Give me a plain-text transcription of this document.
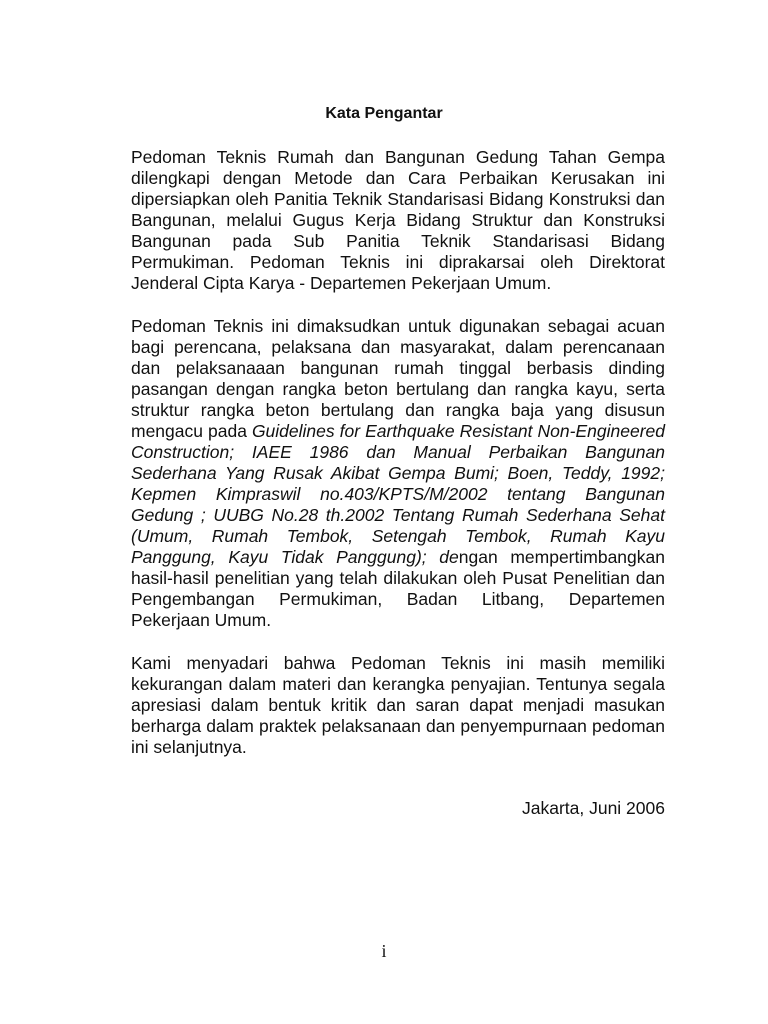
Kata Pengantar

Pedoman Teknis Rumah dan Bangunan Gedung Tahan Gempa dilengkapi dengan Metode dan Cara Perbaikan Kerusakan ini dipersiapkan oleh Panitia Teknik Standarisasi Bidang Konstruksi dan Bangunan, melalui Gugus Kerja Bidang Struktur dan Konstruksi Bangunan pada Sub Panitia Teknik Standarisasi Bidang Permukiman. Pedoman Teknis ini diprakarsai oleh Direktorat Jenderal Cipta Karya - Departemen Pekerjaan Umum.

Pedoman Teknis ini dimaksudkan untuk digunakan sebagai acuan bagi perencana, pelaksana dan masyarakat, dalam perencanaan dan pelaksanaaan bangunan rumah tinggal berbasis dinding pasangan dengan rangka beton bertulang dan rangka kayu, serta struktur rangka beton bertulang dan rangka baja yang disusun mengacu pada Guidelines for Earthquake Resistant Non-Engineered Construction; IAEE 1986 dan Manual Perbaikan Bangunan Sederhana Yang Rusak Akibat Gempa Bumi; Boen, Teddy, 1992; Kepmen Kimpraswil no.403/KPTS/M/2002 tentang Bangunan Gedung ; UUBG No.28 th.2002 Tentang Rumah Sederhana Sehat (Umum, Rumah Tembok, Setengah Tembok, Rumah Kayu Panggung, Kayu Tidak Panggung); dengan mempertimbangkan hasil-hasil penelitian yang telah dilakukan oleh Pusat Penelitian dan Pengembangan Permukiman, Badan Litbang, Departemen Pekerjaan Umum.

Kami menyadari bahwa Pedoman Teknis ini masih memiliki kekurangan dalam materi dan kerangka penyajian. Tentunya segala apresiasi dalam bentuk kritik dan saran dapat menjadi masukan berharga dalam praktek pelaksanaan dan penyempurnaan pedoman ini selanjutnya.

Jakarta, Juni 2006
i
